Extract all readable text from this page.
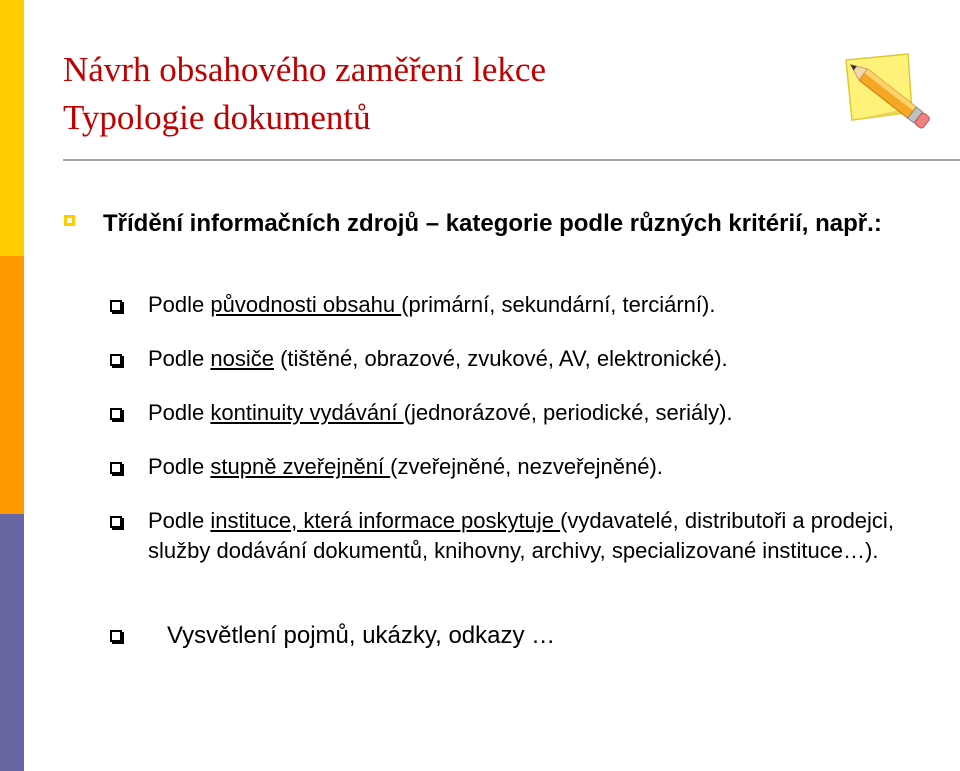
Návrh obsahového zaměření lekce
Typologie dokumentů
Třídění informačních zdrojů – kategorie podle různých kritérií, např.:
Podle původnosti obsahu (primární, sekundární, terciární).
Podle nosiče (tištěné, obrazové, zvukové, AV, elektronické).
Podle kontinuity vydávání (jednorázové, periodické, seriály).
Podle stupně zveřejnění (zveřejněné, nezveřejněné).
Podle instituce, která informace poskytuje (vydavatelé, distributoři a prodejci, služby dodávání dokumentů, knihovny, archivy, specializované instituce…).
Vysvětlení pojmů, ukázky, odkazy …
